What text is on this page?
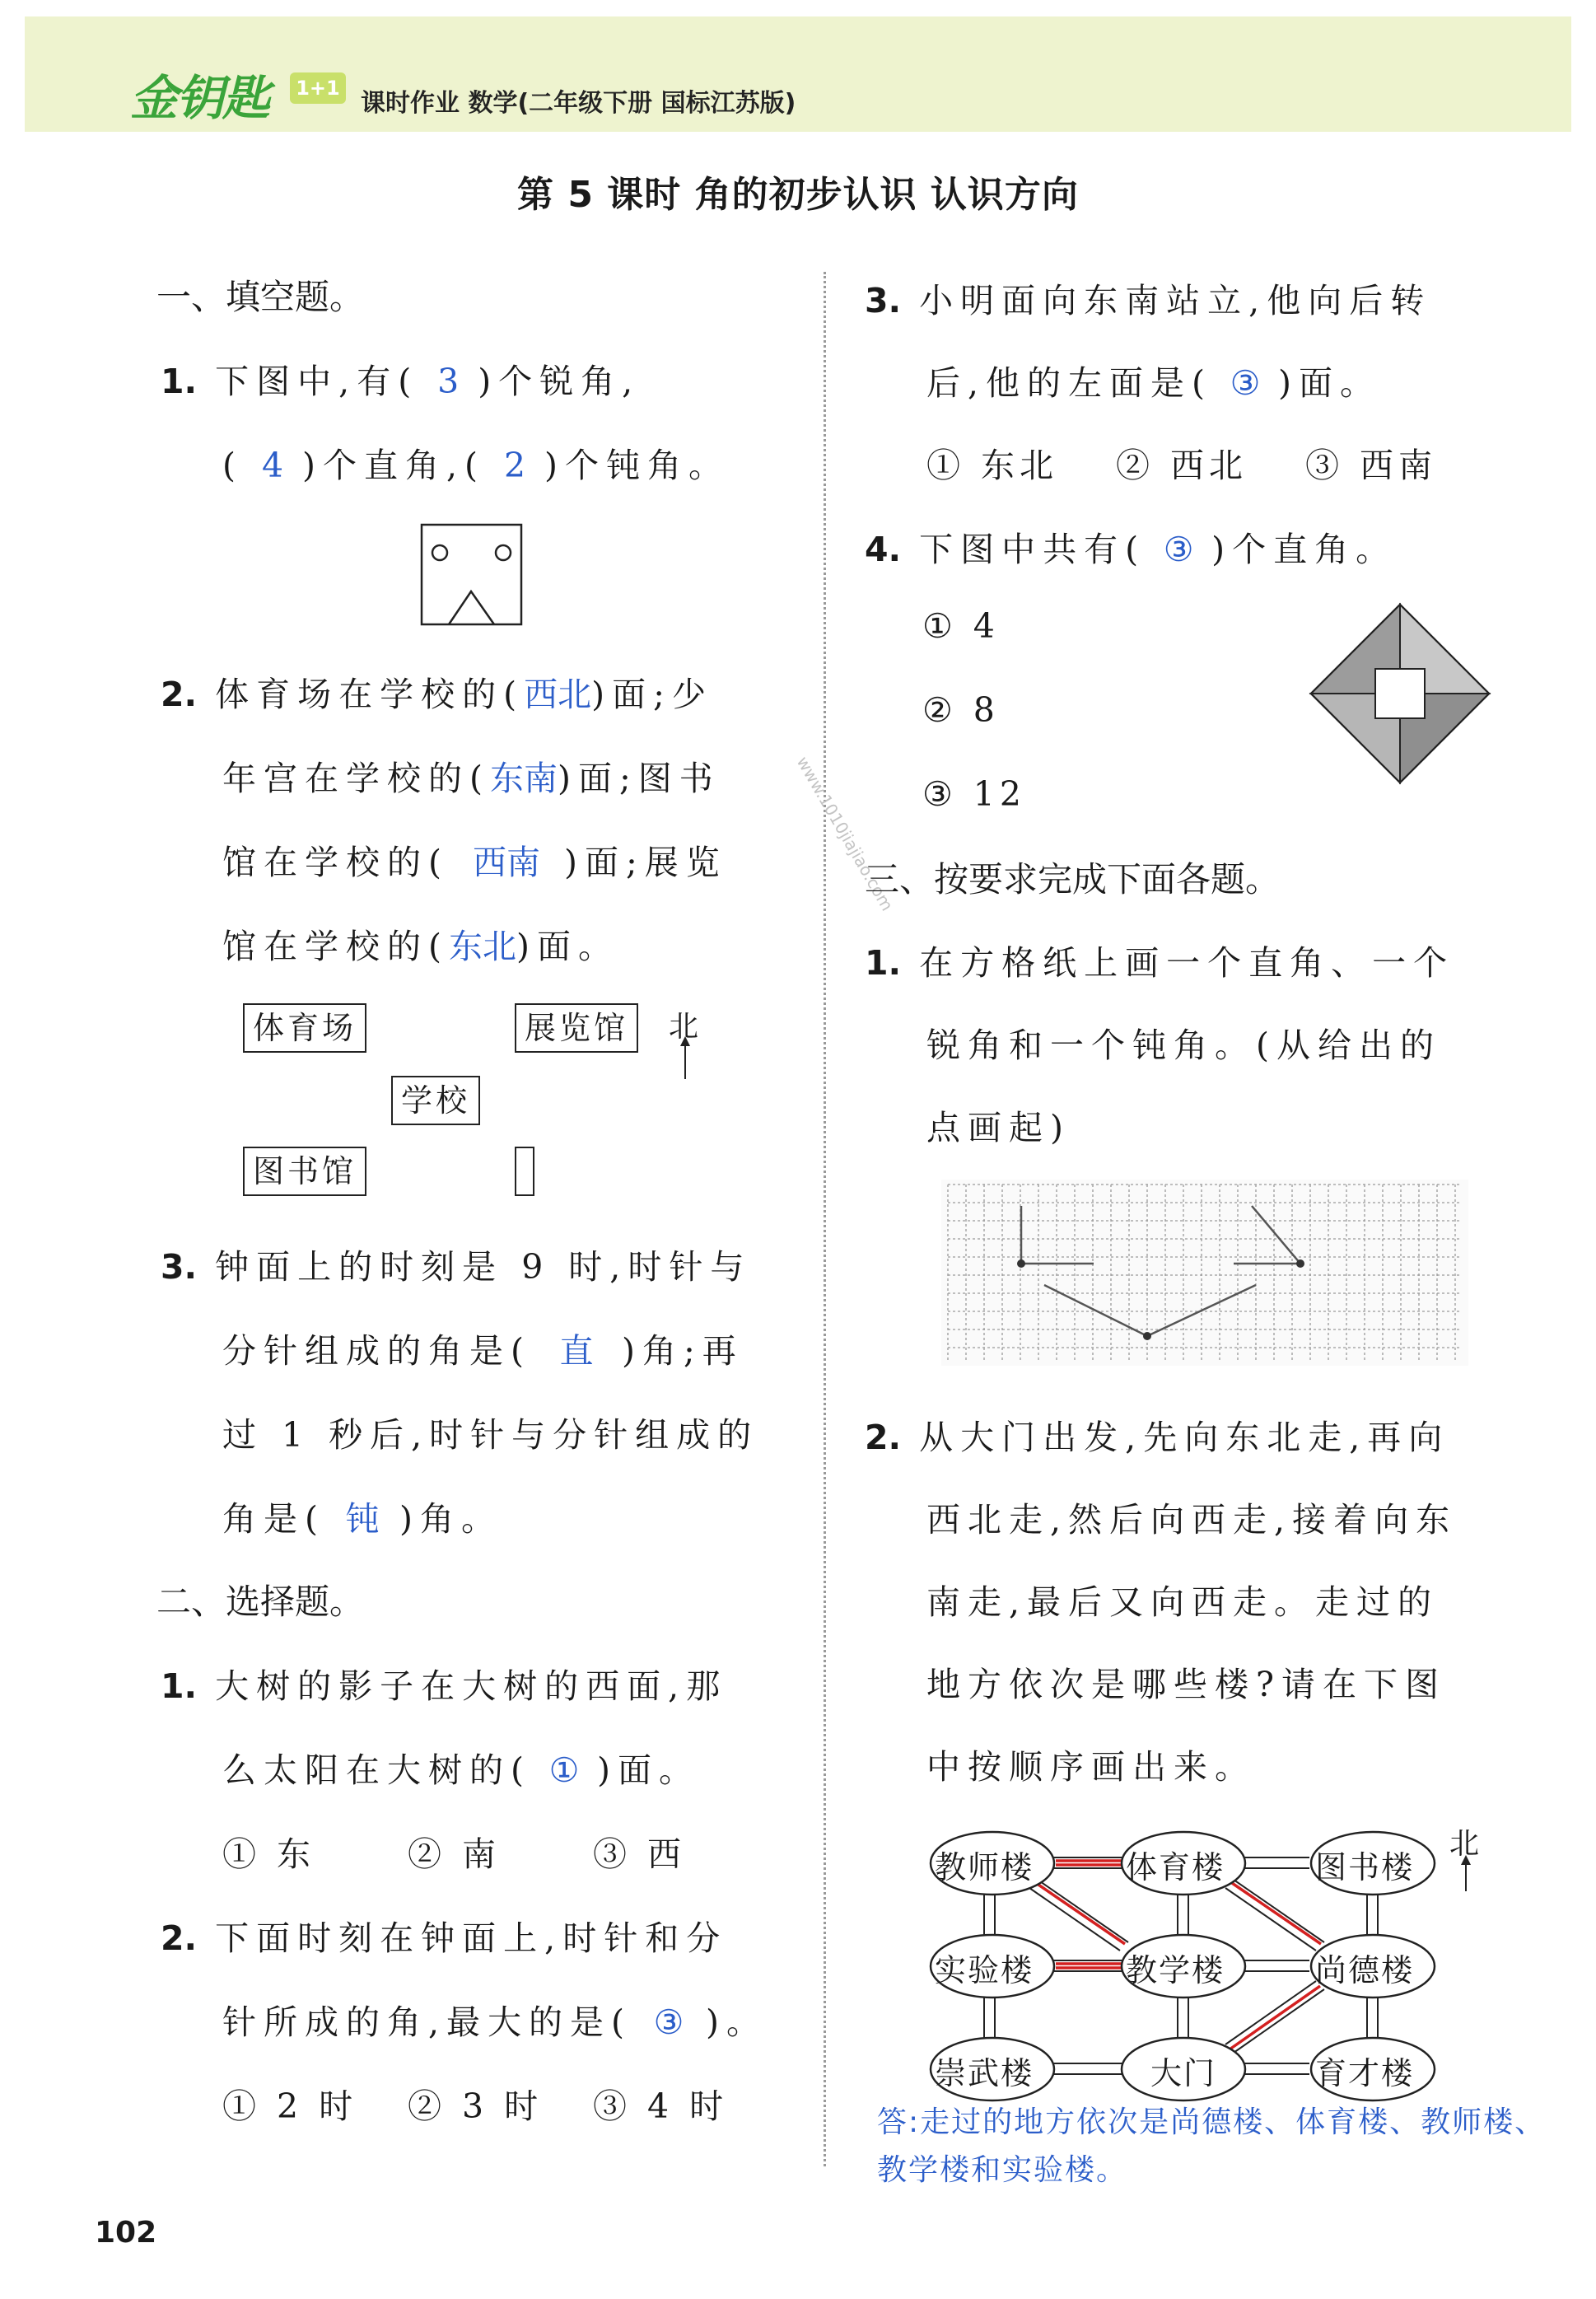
金钥匙	1+1
课时作业 数学(二年级下册 国标江苏版)
第 5 课时 角的初步认识 认识方向
www.1010jiajiao.com
一、填空题。
1. 下图中,有( 3 )个锐角,
( 4 )个直角,( 2 )个钝角。
2. 体育场在学校的(西北)面;少
年宫在学校的(东南)面;图书
馆在学校的( 西南 )面;展览
馆在学校的(东北)面。
体育场	展览馆
学校
图书馆
北
3. 钟面上的时刻是 9 时,时针与
分针组成的角是( 直 )角;再
过 1 秒后,时针与分针组成的
角是( 钝 )角。
二、选择题。
1. 大树的影子在大树的西面,那
么太阳在大树的( ① )面。
① 东	② 南	③ 西
2. 下面时刻在钟面上,时针和分
针所成的角,最大的是( ③ )。
① 2 时 ② 3 时 ③ 4 时
3. 小明面向东南站立,他向后转
后,他的左面是( ③ )面。
① 东北 ② 西北 ③ 西南
4. 下图中共有( ③ )个直角。
① 4
② 8
③ 12
三、按要求完成下面各题。
1. 在方格纸上画一个直角、一个
锐角和一个钝角。(从给出的
点画起)
2. 从大门出发,先向东北走,再向
西北走,然后向西走,接着向东
南走,最后又向西走。走过的
地方依次是哪些楼?请在下图
中按顺序画出来。
教师楼	体育楼	图书楼
实验楼	教学楼	尚德楼
崇武楼	大门	育才楼
北
答:走过的地方依次是尚德楼、体育楼、教师楼、教学楼和实验楼。
102
